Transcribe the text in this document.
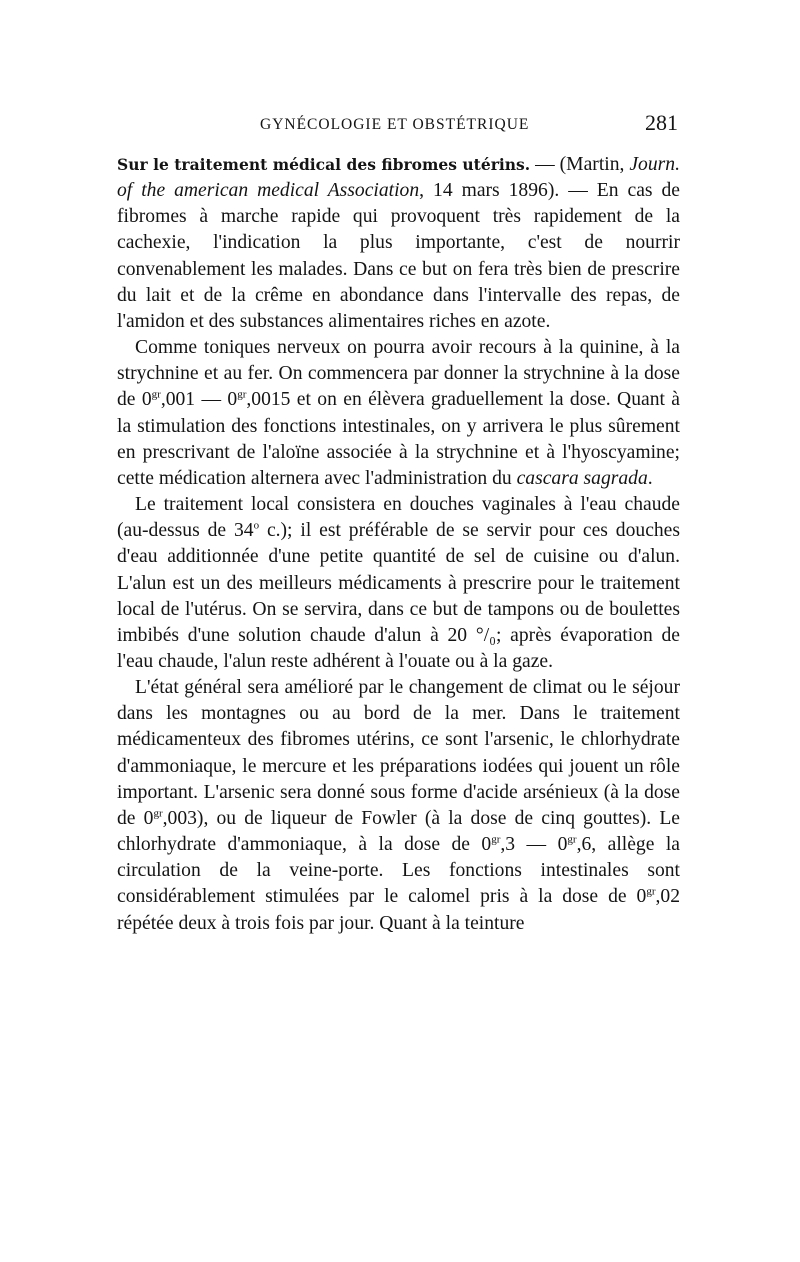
GYNÉCOLOGIE ET OBSTÉTRIQUE	281

Sur le traitement médical des fibromes utérins. — (Martin, Journ. of the american medical Association, 14 mars 1896). — En cas de fibromes à marche rapide qui provoquent très rapidement de la cachexie, l'indication la plus importante, c'est de nourrir convenablement les malades. Dans ce but on fera très bien de prescrire du lait et de la crême en abondance dans l'intervalle des repas, de l'amidon et des substances alimentaires riches en azote.

Comme toniques nerveux on pourra avoir recours à la quinine, à la strychnine et au fer. On commencera par donner la strychnine à la dose de $0^{gr},001$ — $0^{gr},0015$ et on en élèvera graduellement la dose. Quant à la stimulation des fonctions intestinales, on y arrivera le plus sûrement en prescrivant de l'aloïne associée à la strychnine et à l'hyoscyamine; cette médication alternera avec l'administration du cascara sagrada.

Le traitement local consistera en douches vaginales à l'eau chaude (au-dessus de 34$^o$ c.); il est préférable de se servir pour ces douches d'eau additionnée d'une petite quantité de sel de cuisine ou d'alun. L'alun est un des meilleurs médicaments à prescrire pour le traitement local de l'utérus. On se servira, dans ce but de tampons ou de boulettes imbibés d'une solution chaude d'alun à 20 °/₀; après évaporation de l'eau chaude, l'alun reste adhérent à l'ouate ou à la gaze.

L'état général sera amélioré par le changement de climat ou le séjour dans les montagnes ou au bord de la mer. Dans le traitement médicamenteux des fibromes utérins, ce sont l'arsenic, le chlorhydrate d'ammoniaque, le mercure et les préparations iodées qui jouent un rôle important. L'arsenic sera donné sous forme d'acide arsénieux (à la dose de $0^{gr},003$), ou de liqueur de Fowler (à la dose de cinq gouttes). Le chlorhydrate d'ammoniaque, à la dose de $0^{gr},3$ — $0^{gr},6$, allège la circulation de la veine-porte. Les fonctions intestinales sont considérablement stimulées par le calomel pris à la dose de $0^{gr},02$ répétée deux à trois fois par jour. Quant à la teinture
